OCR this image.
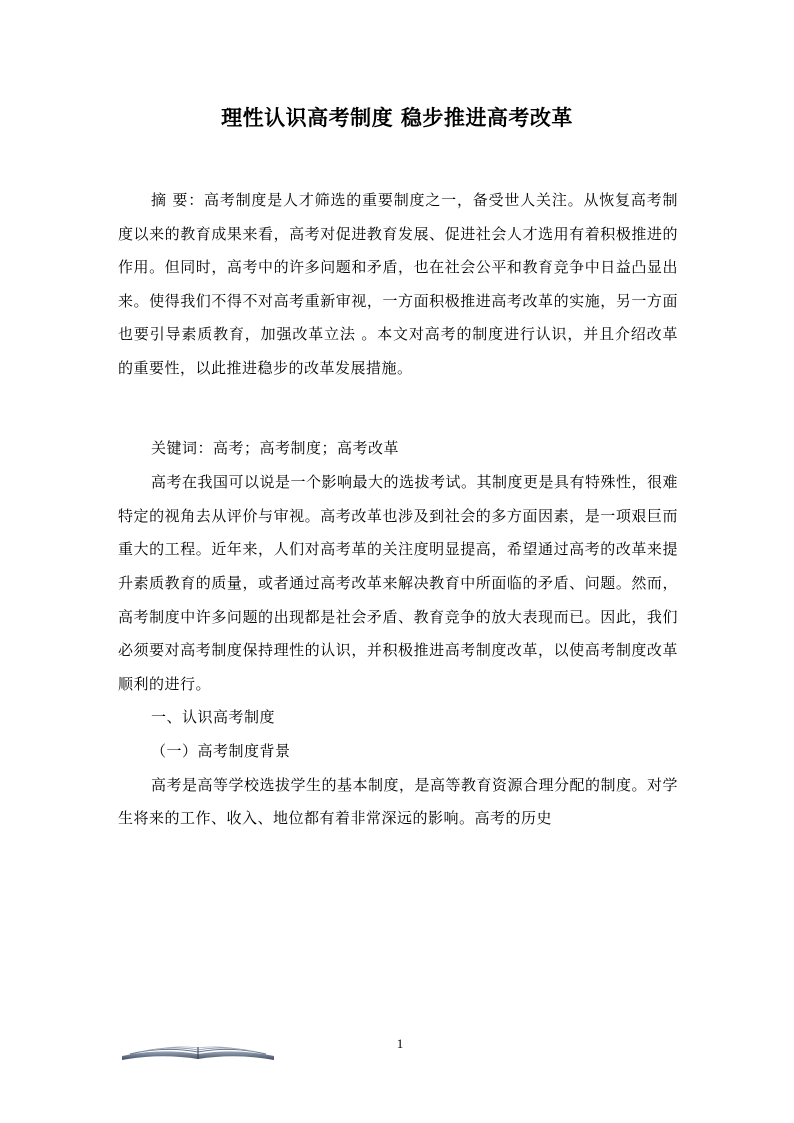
理性认识高考制度 稳步推进高考改革

摘 要：高考制度是人才筛选的重要制度之一，备受世人关注。从恢复高考制度以来的教育成果来看，高考对促进教育发展、促进社会人才选用有着积极推进的作用。但同时，高考中的许多问题和矛盾，也在社会公平和教育竞争中日益凸显出来。使得我们不得不对高考重新审视，一方面积极推进高考改革的实施，另一方面也要引导素质教育，加强改革立法 。本文对高考的制度进行认识，并且介绍改革的重要性，以此推进稳步的改革发展措施。

关键词：高考；高考制度；高考改革

高考在我国可以说是一个影响最大的选拔考试。其制度更是具有特殊性，很难特定的视角去从评价与审视。高考改革也涉及到社会的多方面因素，是一项艰巨而重大的工程。近年来，人们对高考革的关注度明显提高，希望通过高考的改革来提升素质教育的质量，或者通过高考改革来解决教育中所面临的矛盾、问题。然而，高考制度中许多问题的出现都是社会矛盾、教育竞争的放大表现而已。因此，我们必须要对高考制度保持理性的认识，并积极推进高考制度改革，以使高考制度改革顺利的进行。

一、认识高考制度

（一）高考制度背景

高考是高等学校选拔学生的基本制度，是高等教育资源合理分配的制度。对学生将来的工作、收入、地位都有着非常深远的影响。高考的历史

1
